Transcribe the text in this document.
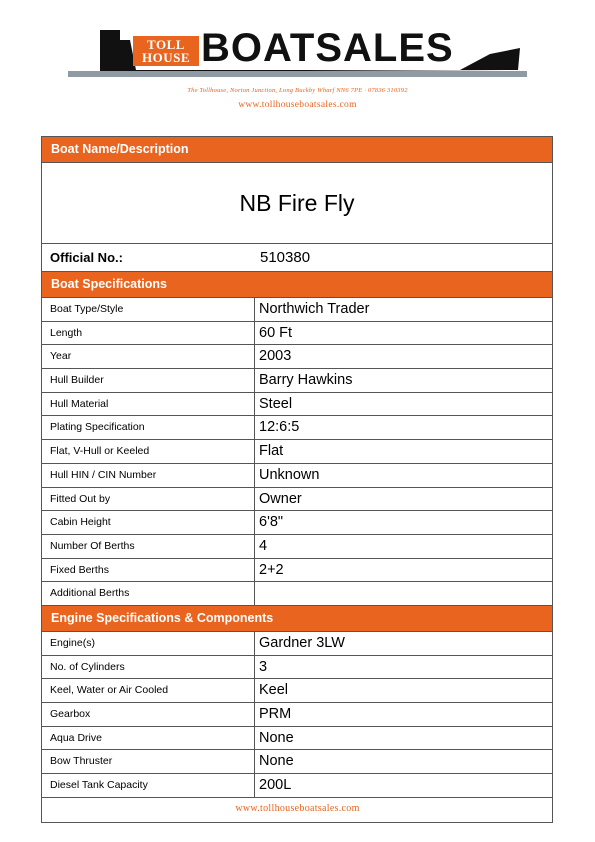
TOLL
HOUSE BOATSALES
The Tollhouse, Norton Junction, Long Buckby Wharf NN6 7PE · 07836 310392
www.tollhouseboatsales.com
Boat Name/Description
NB Fire Fly
Official No.:	510380
Boat Specifications
Boat Type/Style	Northwich Trader
Length	60 Ft
Year	2003
Hull Builder	Barry Hawkins
Hull Material	Steel
Plating Specification	12:6:5
Flat, V-Hull or Keeled	Flat
Hull HIN / CIN Number	Unknown
Fitted Out by	Owner
Cabin Height	6'8"
Number Of Berths	4
Fixed Berths	2+2
Additional Berths
Engine Specifications & Components
Engine(s)	Gardner 3LW
No. of Cylinders	3
Keel, Water or Air Cooled	Keel
Gearbox	PRM
Aqua Drive	None
Bow Thruster	None
Diesel Tank Capacity	200L
www.tollhouseboatsales.com
